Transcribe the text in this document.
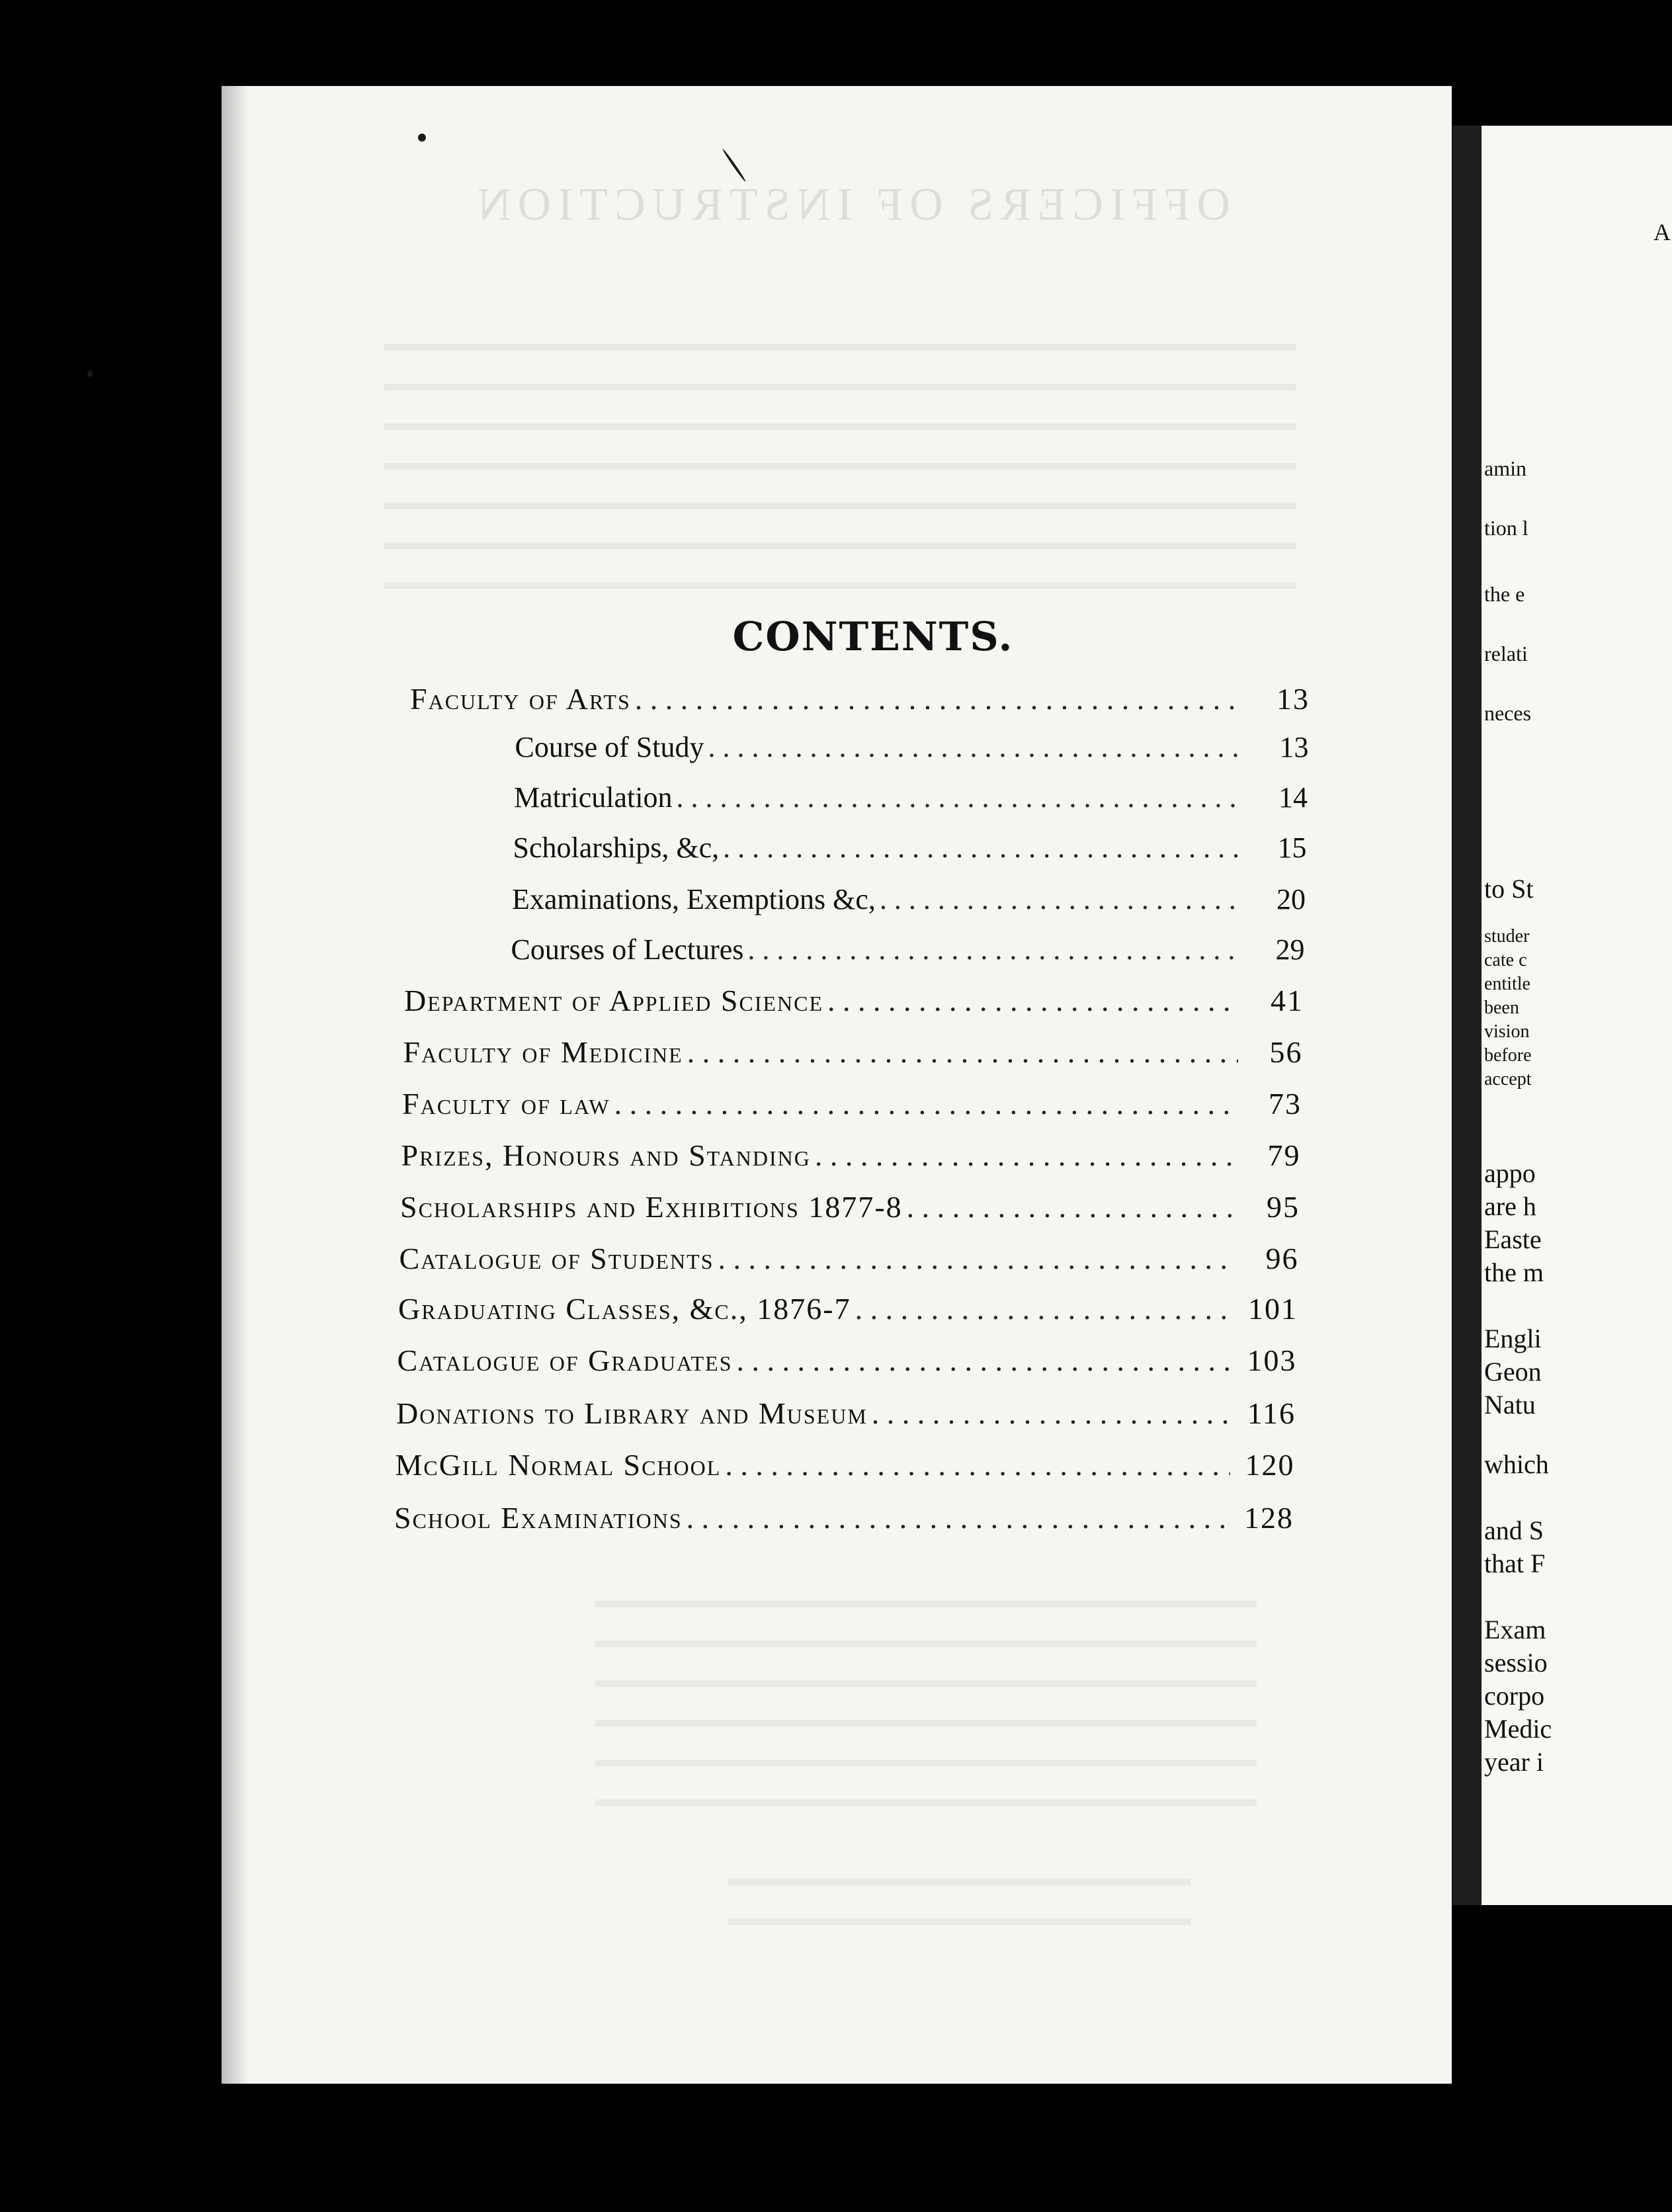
CONTENTS.
Faculty of Arts . . .	13
Course of Study . . .	13
Matriculation . . .	14
Scholarships, &c, . . .	15
Examinations, Exemptions &c, . . .	20
Courses of Lectures . . .	29
Department of Applied Science . . .	41
Faculty of Medicine . . .	56
Faculty of law . . .	73
Prizes, Honours and Standing . . .	79
Scholarships and Exhibitions 1877-8 . . .	95
Catalogue of Students . . .	96
Graduating Classes, &c., 1876-7 . . .	101
Catalogue of Graduates . . .	103
Donations to Library and Museum . . .	116
McGill Normal School . . .	120
School Examinations . . .	128
A
amin
tion l
the e
relati
neces
to St
studer
cate c
entitle
been
vision
before
accept
appo
are h
Easte
the m
Engli
Geon
Natu
which
and S
that F
Exam
sessio
corpo
Medic
year i
